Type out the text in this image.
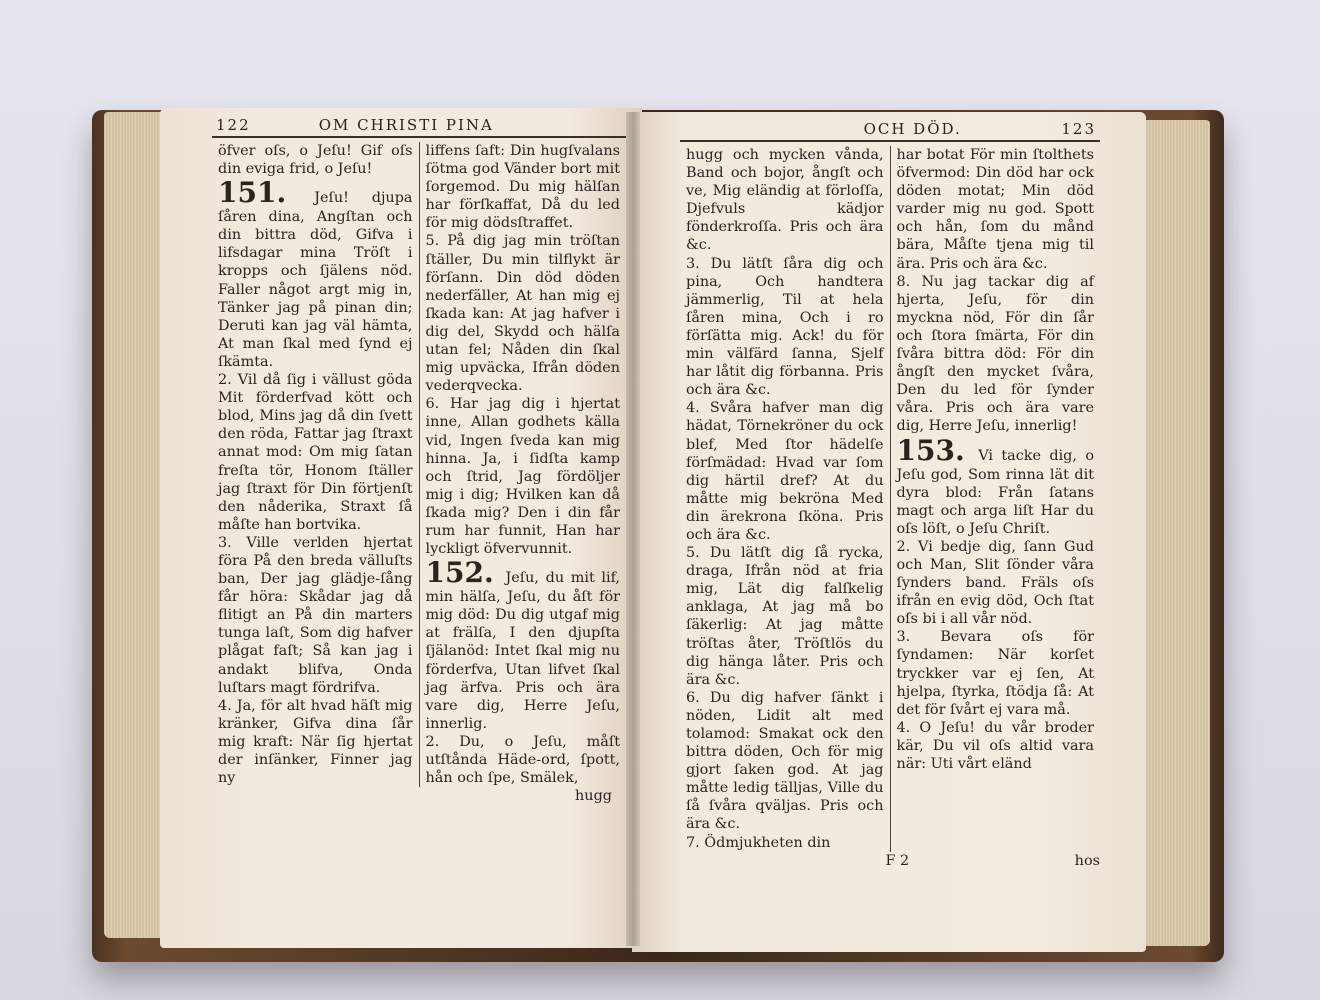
122	OM CHRISTI PINA

öfver oſs, o Jeſu! Gif oſs din eviga frid, o Jeſu!

151. Jeſu! djupa ſåren dina, Angſtan och din bittra död, Gifva i lifsdagar mina Tröſt i kropps och ſjälens nöd. Faller något argt mig in, Tänker jag på pinan din; Deruti kan jag väl hämta, At man ſkal med ſynd ej ſkämta.

2. Vil då ſig i vällust göda Mit förderfvad kött och blod, Mins jag då din ſvett den röda, Fattar jag ſtraxt annat mod: Om mig ſatan freſta tör, Honom ſtäller jag ſtraxt för Din förtjenſt den nåderika, Straxt ſå måſte han bortvika.

3. Ville verlden hjertat föra På den breda välluſts ban, Der jag glädje-ſång får höra: Skådar jag då flitigt an På din marters tunga laſt, Som dig hafver plågat faſt; Så kan jag i andakt blifva, Onda luſtars magt fördrifva.

4. Ja, för alt hvad häſt mig kränker, Gifva dina ſår mig kraft: När ſig hjertat der inſänker, Finner jag ny

liffens ſaft: Din hugſvalans ſötma god Vänder bort mit ſorgemod. Du mig hälſan har förſkaffat, Då du led för mig dödsſtraffet.

5. På dig jag min tröſtan ſtäller, Du min tilflykt är förſann. Din död döden nederfäller, At han mig ej ſkada kan: At jag hafver i dig del, Skydd och hälſa utan fel; Nåden din ſkal mig upväcka, Ifrån döden vederqvecka.

6. Har jag dig i hjertat inne, Allan godhets källa vid, Ingen ſveda kan mig hinna. Ja, i ſidſta kamp och ſtrid, Jag fördöljer mig i dig; Hvilken kan då ſkada mig? Den i din får rum har funnit, Han har lyckligt öfvervunnit.

152. Jeſu, du mit lif, min hälſa, Jeſu, du åſt för mig död: Du dig utgaf mig at frälſa, I den djupſta ſjälanöd: Intet ſkal mig nu förderfva, Utan lifvet ſkal jag ärfva. Pris och ära vare dig, Herre Jeſu, innerlig.

2. Du, o Jeſu, måſt utſtånda Häde-ord, ſpott, hån och ſpe, Smälek,

hugg
OCH DÖD.	123

hugg och mycken vånda, Band och bojor, ångſt och ve, Mig eländig at förloſſa, Djefvuls kädjor fönderkroſſa. Pris och ära &c.

3. Du lätſt ſåra dig och pina, Och handtera jämmerlig, Til at hela ſåren mina, Och i ro förſätta mig. Ack! du för min välfärd ſanna, Sjelf har låtit dig förbanna. Pris och ära &c.

4. Svåra hafver man dig hädat, Törnekröner du ock blef, Med ſtor hädelſe förſmädad: Hvad var ſom dig härtil dref? At du måtte mig bekröna Med din ärekrona ſköna. Pris och ära &c.

5. Du lätſt dig ſå rycka, draga, Ifrån nöd at fria mig, Lät dig falſkelig anklaga, At jag må bo ſäkerlig: At jag måtte tröſtas åter, Tröſtlös du dig hänga låter. Pris och ära &c.

6. Du dig hafver ſänkt i nöden, Lidit alt med tolamod: Smakat ock den bittra döden, Och för mig gjort ſaken god. At jag måtte ledig tälljas, Ville du ſå ſvåra qväljas. Pris och ära &c.

7. Ödmjukheten din

har botat För min ſtolthets öfvermod: Din död har ock döden motat; Min död varder mig nu god. Spott och hån, ſom du månd bära, Måſte tjena mig til ära. Pris och ära &c.

8. Nu jag tackar dig af hjerta, Jeſu, för din myckna nöd, För din ſår och ſtora ſmärta, För din ſvåra bittra död: För din ångſt den mycket ſvåra, Den du led för ſynder våra. Pris och ära vare dig, Herre Jeſu, innerlig!

153. Vi tacke dig, o Jeſu god, Som rinna lät dit dyra blod: Från ſatans magt och arga liſt Har du oſs löſt, o Jeſu Chriſt.

2. Vi bedje dig, ſann Gud och Man, Slit ſönder våra ſynders band. Fräls oſs ifrån en evig död, Och ſtat oſs bi i all vår nöd.

3. Bevara oſs för ſyndamen: När korſet tryckker var ej ſen, At hjelpa, ſtyrka, ſtödja ſå: At det för ſvårt ej vara må.

4. O Jeſu! du vår broder kär, Du vil oſs altid vara när: Uti vårt eländ

F 2	hos
